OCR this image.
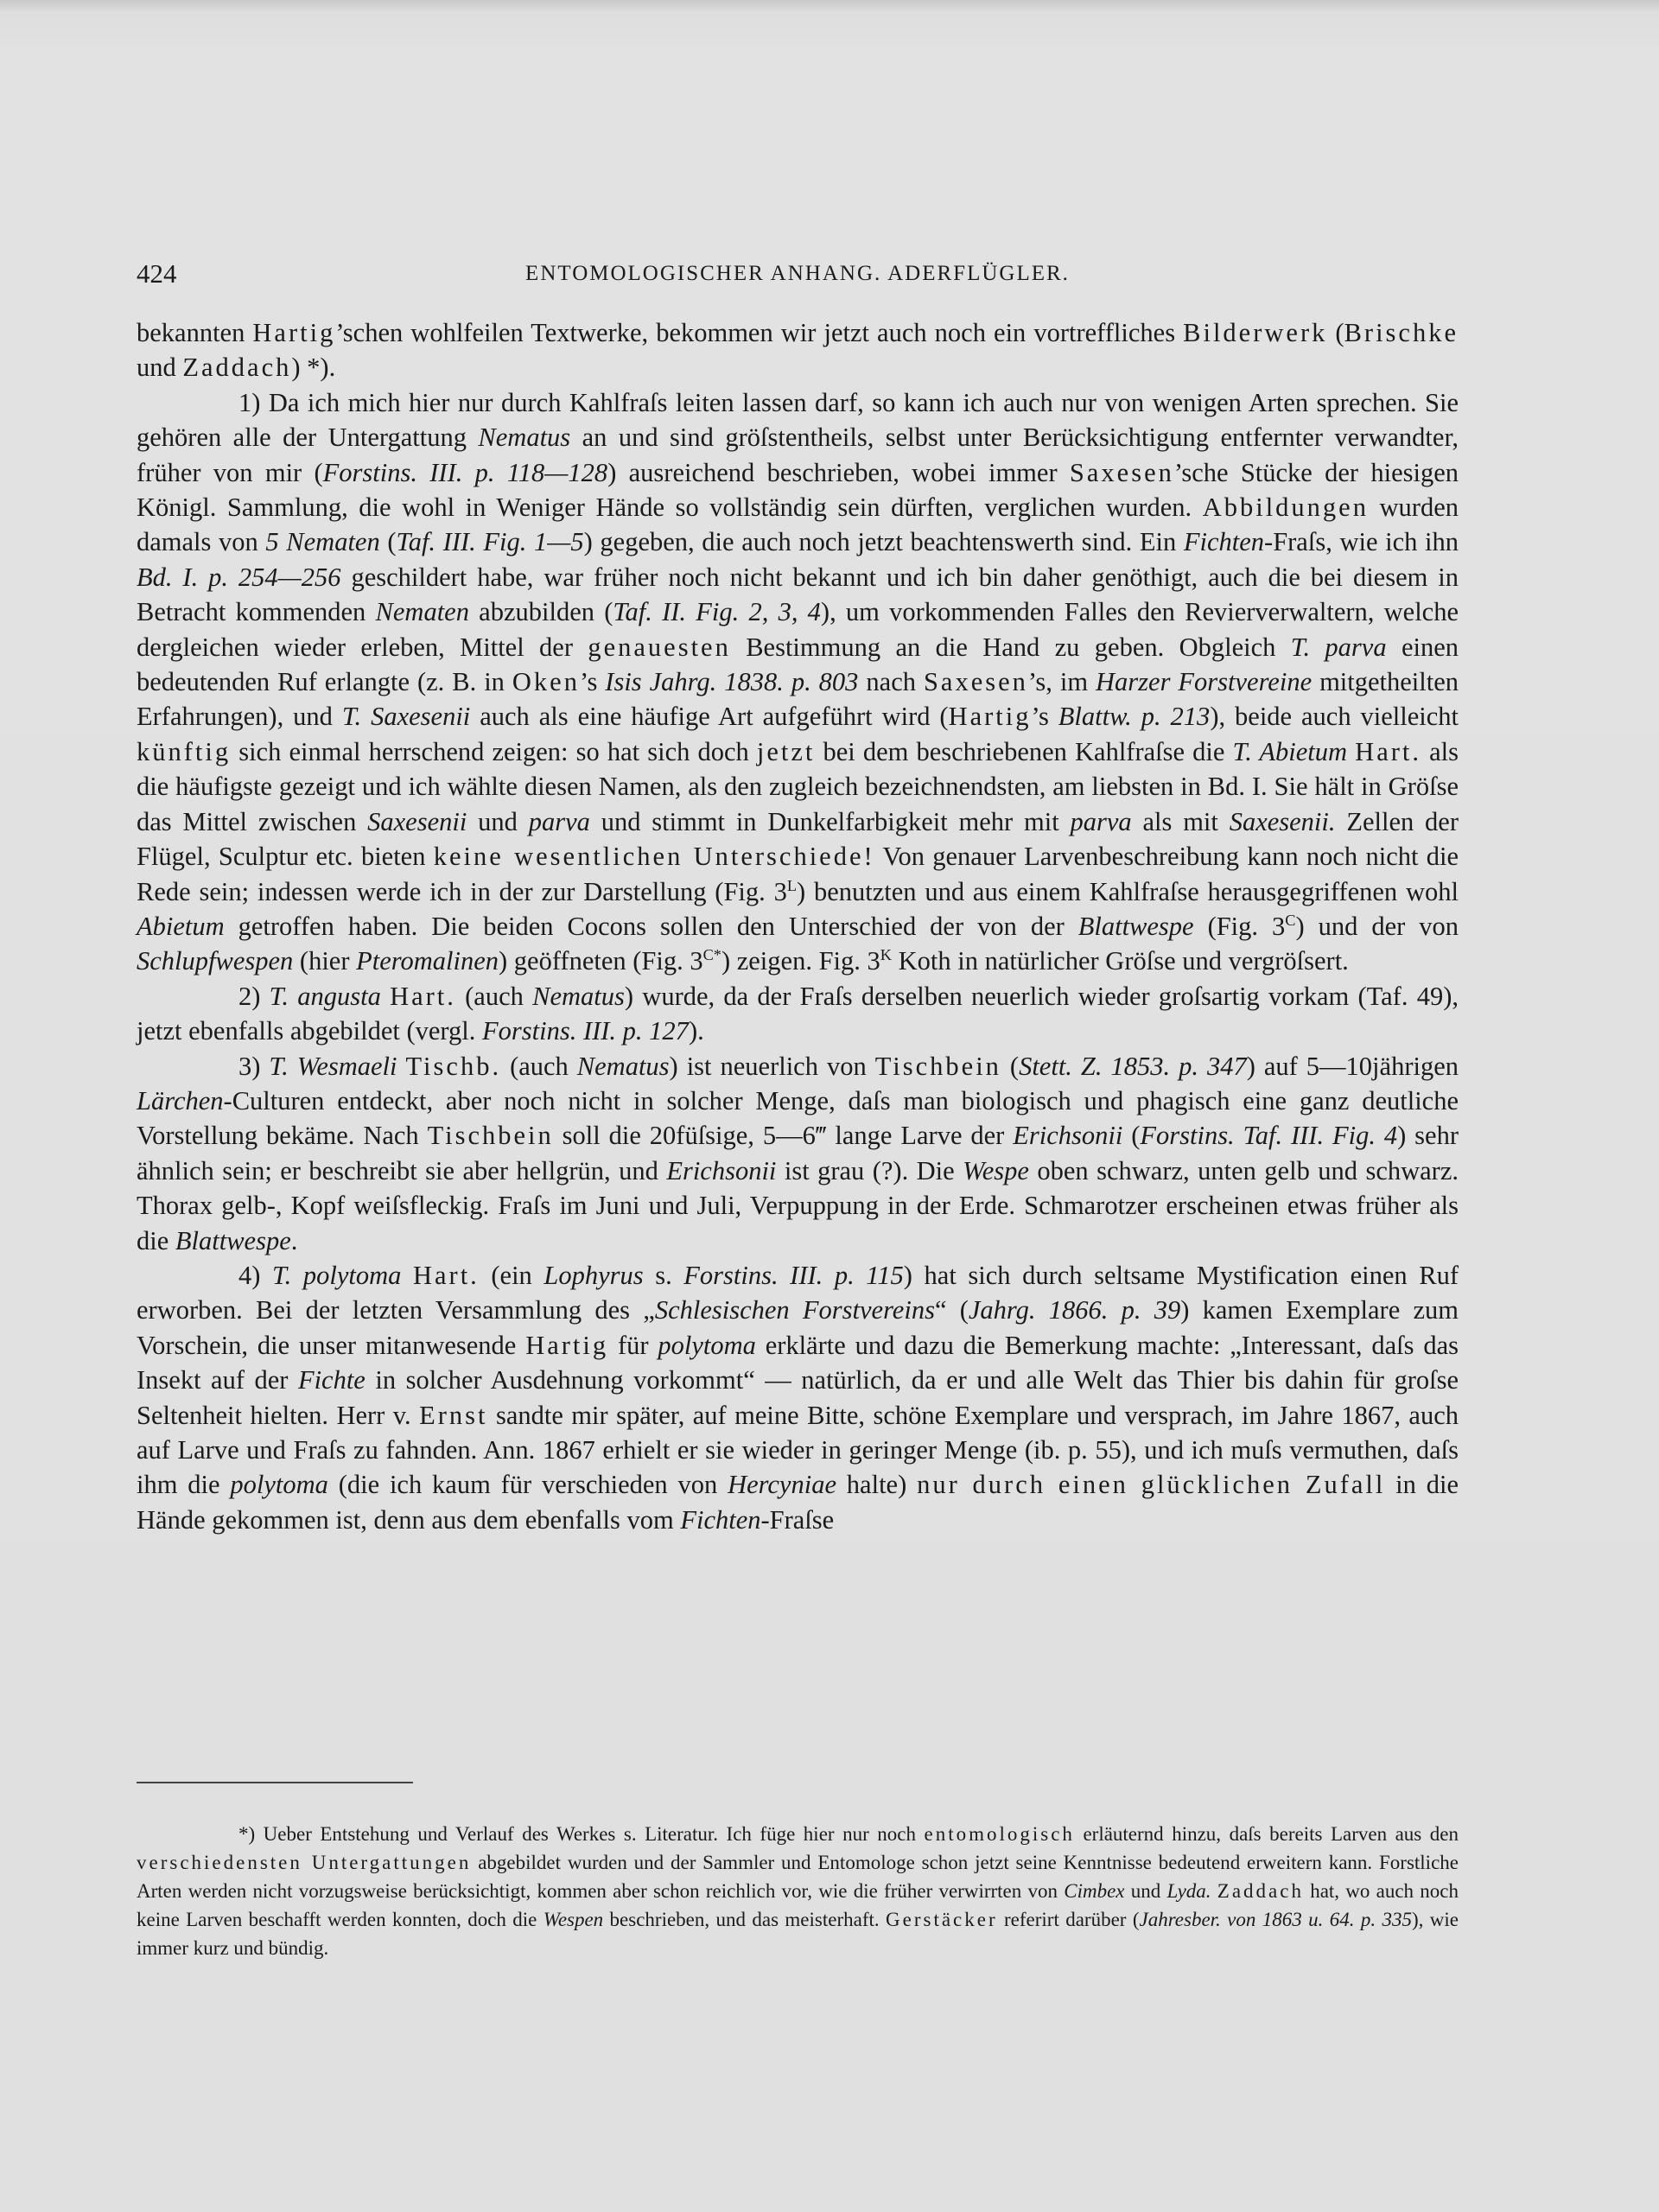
424	ENTOMOLOGISCHER ANHANG. ADERFLÜGLER.

bekannten Hartig’schen wohlfeilen Textwerke, bekommen wir jetzt auch noch ein vortreffliches Bilderwerk (Brischke und Zaddach) *).

1) Da ich mich hier nur durch Kahlfraſs leiten lassen darf, so kann ich auch nur von wenigen Arten sprechen. Sie gehören alle der Untergattung Nematus an und sind gröſstentheils, selbst unter Berücksichtigung entfernter verwandter, früher von mir (Forstins. III. p. 118—128) ausreichend beschrieben, wobei immer Saxesen’sche Stücke der hiesigen Königl. Sammlung, die wohl in Weniger Hände so vollständig sein dürften, verglichen wurden. Abbildungen wurden damals von 5 Nematen (Taf. III. Fig. 1—5) gegeben, die auch noch jetzt beachtenswerth sind. Ein Fichten-Fraſs, wie ich ihn Bd. I. p. 254—256 geschildert habe, war früher noch nicht bekannt und ich bin daher genöthigt, auch die bei diesem in Betracht kommenden Nematen abzubilden (Taf. II. Fig. 2, 3, 4), um vorkommenden Falles den Revierverwaltern, welche dergleichen wieder erleben, Mittel der genauesten Bestimmung an die Hand zu geben. Obgleich T. parva einen bedeutenden Ruf erlangte (z. B. in Oken’s Isis Jahrg. 1838. p. 803 nach Saxesen’s, im Harzer Forstvereine mitgetheilten Erfahrungen), und T. Saxesenii auch als eine häufige Art aufgeführt wird (Hartig’s Blattw. p. 213), beide auch vielleicht künftig sich einmal herrschend zeigen: so hat sich doch jetzt bei dem beschriebenen Kahlfraſse die T. Abietum Hart. als die häufigste gezeigt und ich wählte diesen Namen, als den zugleich bezeichnendsten, am liebsten in Bd. I. Sie hält in Gröſse das Mittel zwischen Saxesenii und parva und stimmt in Dunkelfarbigkeit mehr mit parva als mit Saxesenii. Zellen der Flügel, Sculptur etc. bieten keine wesentlichen Unterschiede! Von genauer Larvenbeschreibung kann noch nicht die Rede sein; indessen werde ich in der zur Darstellung (Fig. $3^L$) benutzten und aus einem Kahlfraſse herausgegriffenen wohl Abietum getroffen haben. Die beiden Cocons sollen den Unterschied der von der Blattwespe (Fig. $3^C$) und der von Schlupfwespen (hier Pteromalinen) geöffneten (Fig. $3^{C*}$) zeigen. Fig. $3^K$ Koth in natürlicher Gröſse und vergröſsert.

2) T. angusta Hart. (auch Nematus) wurde, da der Fraſs derselben neuerlich wieder groſsartig vorkam (Taf. 49), jetzt ebenfalls abgebildet (vergl. Forstins. III. p. 127).

3) T. Wesmaeli Tischb. (auch Nematus) ist neuerlich von Tischbein (Stett. Z. 1853. p. 347) auf 5—10jährigen Lärchen-Culturen entdeckt, aber noch nicht in solcher Menge, daſs man biologisch und phagisch eine ganz deutliche Vorstellung bekäme. Nach Tischbein soll die 20füſsige, 5—6‴ lange Larve der Erichsonii (Forstins. Taf. III. Fig. 4) sehr ähnlich sein; er beschreibt sie aber hellgrün, und Erichsonii ist grau (?). Die Wespe oben schwarz, unten gelb und schwarz. Thorax gelb-, Kopf weiſsfleckig. Fraſs im Juni und Juli, Verpuppung in der Erde. Schmarotzer erscheinen etwas früher als die Blattwespe.

4) T. polytoma Hart. (ein Lophyrus s. Forstins. III. p. 115) hat sich durch seltsame Mystification einen Ruf erworben. Bei der letzten Versammlung des „Schlesischen Forstvereins“ (Jahrg. 1866. p. 39) kamen Exemplare zum Vorschein, die unser mitanwesende Hartig für polytoma erklärte und dazu die Bemerkung machte: „Interessant, daſs das Insekt auf der Fichte in solcher Ausdehnung vorkommt“ — natürlich, da er und alle Welt das Thier bis dahin für groſse Seltenheit hielten. Herr v. Ernst sandte mir später, auf meine Bitte, schöne Exemplare und versprach, im Jahre 1867, auch auf Larve und Fraſs zu fahnden. Ann. 1867 erhielt er sie wieder in geringer Menge (ib. p. 55), und ich muſs vermuthen, daſs ihm die polytoma (die ich kaum für verschieden von Hercyniae halte) nur durch einen glücklichen Zufall in die Hände gekommen ist, denn aus dem ebenfalls vom Fichten-Fraſse

*) Ueber Entstehung und Verlauf des Werkes s. Literatur. Ich füge hier nur noch entomologisch erläuternd hinzu, daſs bereits Larven aus den verschiedensten Untergattungen abgebildet wurden und der Sammler und Entomologe schon jetzt seine Kenntnisse bedeutend erweitern kann. Forstliche Arten werden nicht vorzugsweise berücksichtigt, kommen aber schon reichlich vor, wie die früher verwirrten von Cimbex und Lyda. Zaddach hat, wo auch noch keine Larven beschafft werden konnten, doch die Wespen beschrieben, und das meisterhaft. Gerstäcker referirt darüber (Jahresber. von 1863 u. 64. p. 335), wie immer kurz und bündig.
